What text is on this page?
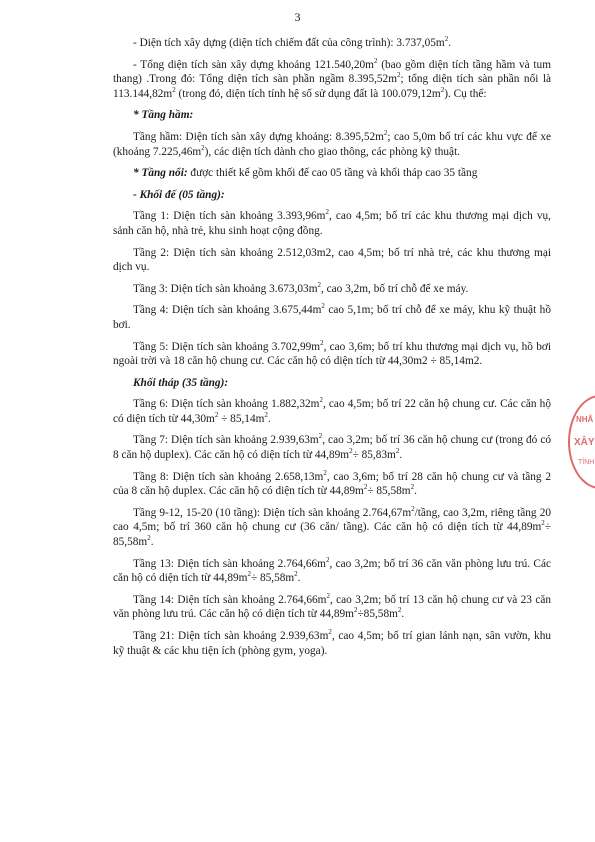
3

- Diện tích xây dựng (diện tích chiếm đất của công trình): $3.737,05m^2$.

- Tổng diện tích sàn xây dựng khoảng $121.540,20m^2$ (bao gồm diện tích tầng hầm và tum thang) .Trong đó: Tổng diện tích sàn phần ngầm $8.395,52m^2$; tổng diện tích sàn phần nổi là $113.144,82m^2$ (trong đó, diện tích tính hệ số sử dụng đất là $100.079,12m^2$). Cụ thể:

* Tầng hầm:

Tầng hầm: Diện tích sàn xây dựng khoảng: $8.395,52m^2$; cao 5,0m bố trí các khu vực để xe (khoảng $7.225,46m^2$), các diện tích dành cho giao thông, các phòng kỹ thuật.

* Tầng nổi: được thiết kế gồm khối đế cao 05 tầng và khối tháp cao 35 tầng

- Khối đế (05 tầng):

Tầng 1: Diện tích sàn khoảng $3.393,96m^2$, cao 4,5m; bố trí các khu thương mại dịch vụ, sảnh căn hộ, nhà trẻ, khu sinh hoạt cộng đồng.

Tầng 2: Diện tích sàn khoảng 2.512,03m2, cao 4,5m; bố trí nhà trẻ, các khu thương mại dịch vụ.

Tầng 3: Diện tích sàn khoảng $3.673,03m^2$, cao 3,2m, bố trí chỗ để xe máy.

Tầng 4: Diện tích sàn khoảng $3.675,44m^2$ cao 5,1m; bố trí chỗ để xe máy, khu kỹ thuật hồ bơi.

Tầng 5: Diện tích sàn khoảng $3.702,99m^2$, cao 3,6m; bố trí khu thương mại dịch vụ, hồ bơi ngoài trời và 18 căn hộ chung cư. Các căn hộ có diện tích từ 44,30m2 ÷ 85,14m2.

Khối tháp (35 tầng):

Tầng 6: Diện tích sàn khoảng $1.882,32m^2$, cao 4,5m; bố trí 22 căn hộ chung cư. Các căn hộ có diện tích từ $44,30m^2 \div 85,14m^2$.

Tầng 7: Diện tích sàn khoảng $2.939,63m^2$, cao 3,2m; bố trí 36 căn hộ chung cư (trong đó có 8 căn hộ duplex). Các căn hộ có diện tích từ $44,89m^2\div 85,83m^2$.

Tầng 8: Diện tích sàn khoảng $2.658,13m^2$, cao 3,6m; bố trí 28 căn hộ chung cư và tầng 2 của 8 căn hộ duplex. Các căn hộ có diện tích từ $44,89m^2\div 85,58m^2$.

Tầng 9-12, 15-20 (10 tầng): Diện tích sàn khoảng $2.764,67m^2$/tầng, cao 3,2m, riêng tầng 20 cao 4,5m; bố trí 360 căn hộ chung cư (36 căn/ tầng). Các căn hộ có diện tích từ $44,89m^2\div 85,58m^2$.

Tầng 13: Diện tích sàn khoảng $2.764,66m^2$, cao 3,2m; bố trí 36 căn văn phòng lưu trú. Các căn hộ có diện tích từ $44,89m^2\div 85,58m^2$.

Tầng 14: Diện tích sàn khoảng $2.764,66m^2$, cao 3,2m; bố trí 13 căn hộ chung cư và 23 căn văn phòng lưu trú. Các căn hộ có diện tích từ $44,89m^2\div 85,58m^2$.

Tầng 21: Diện tích sàn khoảng $2.939,63m^2$, cao 4,5m; bố trí gian lánh nạn, sân vườn, khu kỹ thuật & các khu tiện ích (phòng gym, yoga).

NHÂ
XÂY
TỈNH
